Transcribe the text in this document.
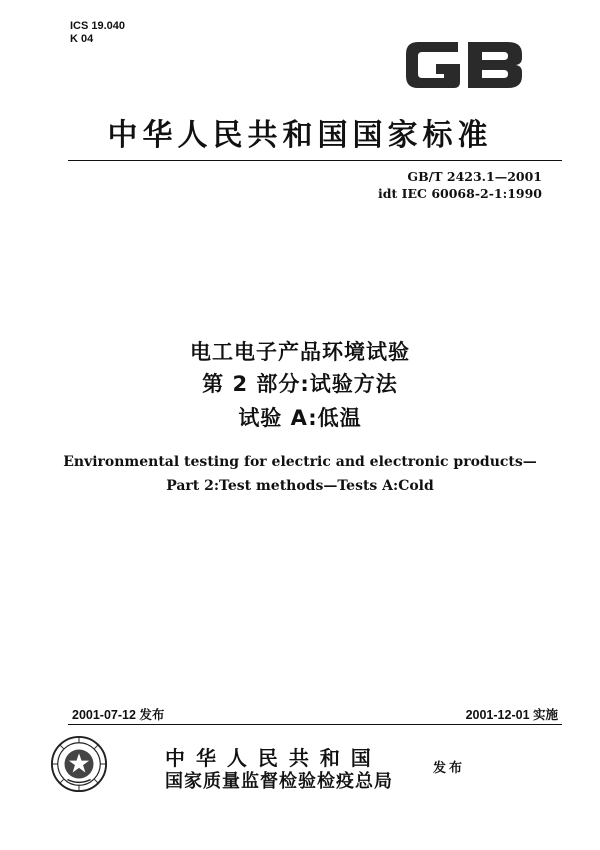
ICS 19.040
K 04
中华人民共和国国家标准
GB/T 2423.1—2001
idt IEC 60068-2-1:1990
电工电子产品环境试验
第 2 部分:试验方法
试验 A:低温
Environmental testing for electric and electronic products—
Part 2:Test methods—Tests A:Cold
2001-07-12 发布	2001-12-01 实施
中 华 人 民 共 和 国
国家质量监督检验检疫总局
发布
